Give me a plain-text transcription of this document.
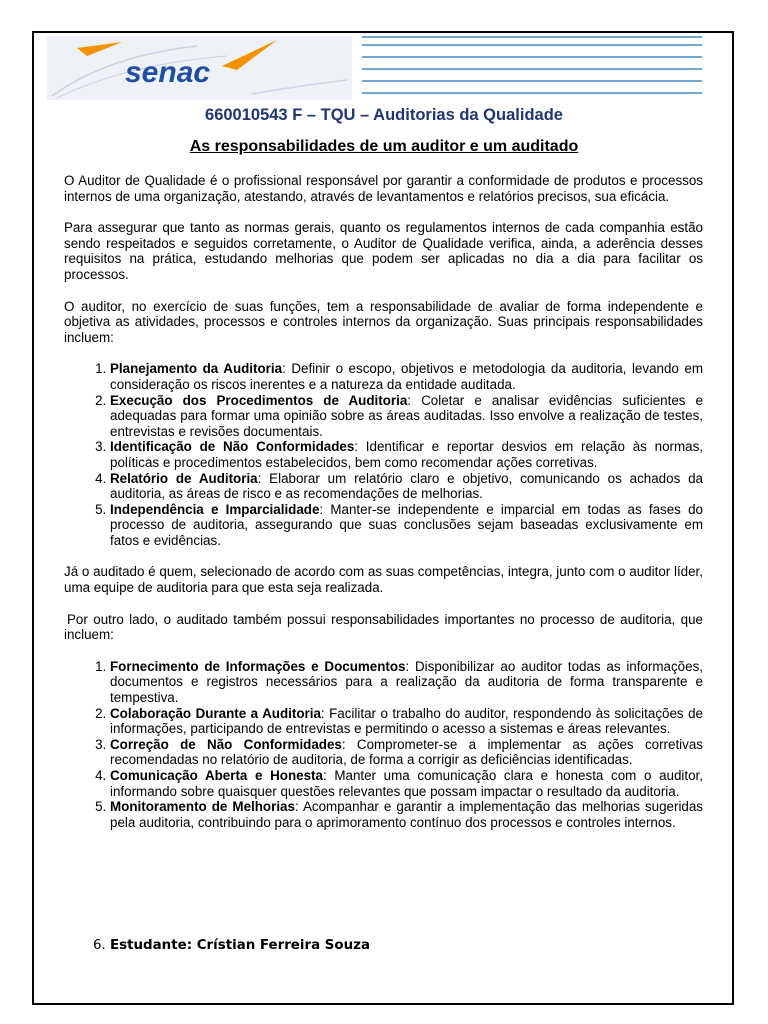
senac
660010543 F – TQU – Auditorias da Qualidade
As responsabilidades de um auditor e um auditado

O Auditor de Qualidade é o profissional responsável por garantir a conformidade de produtos e processos internos de uma organização, atestando, através de levantamentos e relatórios precisos, sua eficácia.

Para assegurar que tanto as normas gerais, quanto os regulamentos internos de cada companhia estão sendo respeitados e seguidos corretamente, o Auditor de Qualidade verifica, ainda, a aderência desses requisitos na prática, estudando melhorias que podem ser aplicadas no dia a dia para facilitar os processos.

O auditor, no exercício de suas funções, tem a responsabilidade de avaliar de forma independente e objetiva as atividades, processos e controles internos da organização. Suas principais responsabilidades incluem:

1. Planejamento da Auditoria: Definir o escopo, objetivos e metodologia da auditoria, levando em consideração os riscos inerentes e a natureza da entidade auditada.
2. Execução dos Procedimentos de Auditoria: Coletar e analisar evidências suficientes e adequadas para formar uma opinião sobre as áreas auditadas. Isso envolve a realização de testes, entrevistas e revisões documentais.
3. Identificação de Não Conformidades: Identificar e reportar desvios em relação às normas, políticas e procedimentos estabelecidos, bem como recomendar ações corretivas.
4. Relatório de Auditoria: Elaborar um relatório claro e objetivo, comunicando os achados da auditoria, as áreas de risco e as recomendações de melhorias.
5. Independência e Imparcialidade: Manter-se independente e imparcial em todas as fases do processo de auditoria, assegurando que suas conclusões sejam baseadas exclusivamente em fatos e evidências.

Já o auditado é quem, selecionado de acordo com as suas competências, integra, junto com o auditor líder, uma equipe de auditoria para que esta seja realizada.

Por outro lado, o auditado também possui responsabilidades importantes no processo de auditoria, que incluem:

1. Fornecimento de Informações e Documentos: Disponibilizar ao auditor todas as informações, documentos e registros necessários para a realização da auditoria de forma transparente e tempestiva.
2. Colaboração Durante a Auditoria: Facilitar o trabalho do auditor, respondendo às solicitações de informações, participando de entrevistas e permitindo o acesso a sistemas e áreas relevantes.
3. Correção de Não Conformidades: Comprometer-se a implementar as ações corretivas recomendadas no relatório de auditoria, de forma a corrigir as deficiências identificadas.
4. Comunicação Aberta e Honesta: Manter uma comunicação clara e honesta com o auditor, informando sobre quaisquer questões relevantes que possam impactar o resultado da auditoria.
5. Monitoramento de Melhorias: Acompanhar e garantir a implementação das melhorias sugeridas pela auditoria, contribuindo para o aprimoramento contínuo dos processos e controles internos.
6. Estudante: Crístian Ferreira Souza
